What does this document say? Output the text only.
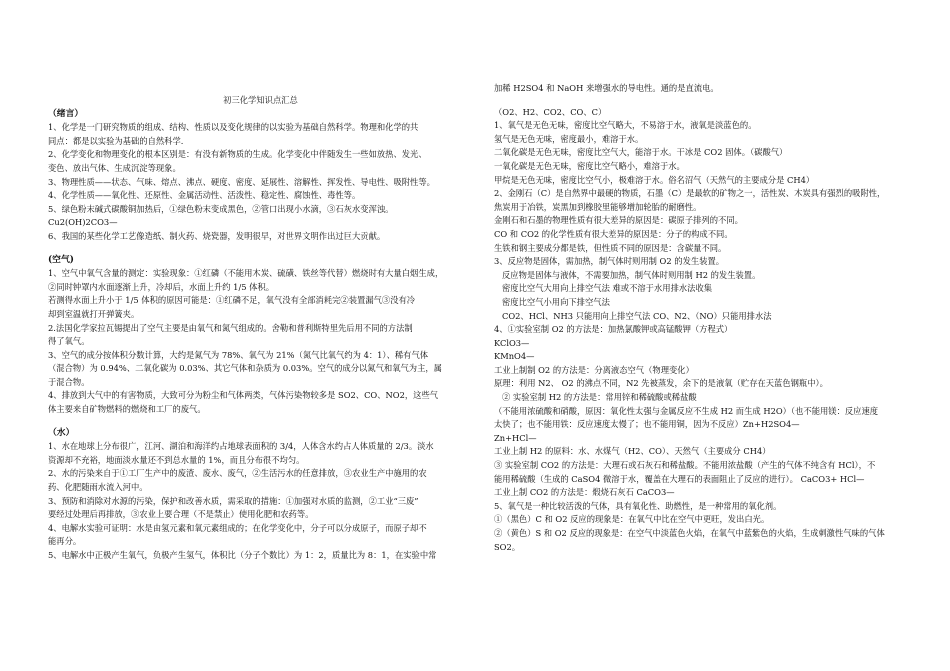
初三化学知识点汇总
（绪言）
1、化学是一门研究物质的组成、结构、性质以及变化规律的以实验为基础自然科学。物理和化学的共
同点：都是以实验为基础的自然科学.
2、化学变化和物理变化的根本区别是：有没有新物质的生成。化学变化中伴随发生一些如放热、发光、
变色、放出气体、生成沉淀等现象。
3、物理性质——状态、气味、熔点、沸点、硬度、密度、延展性、溶解性、挥发性、导电性、吸附性等。
4、化学性质——氧化性、还原性、金属活动性、活泼性、稳定性、腐蚀性、毒性等。
5、绿色粉末碱式碳酸铜加热后，①绿色粉末变成黑色，②管口出现小水滴，③石灰水变浑浊。
Cu2(OH)2CO3—
6、我国的某些化学工艺像造纸、制火药、烧瓷器，发明很早，对世界文明作出过巨大贡献。
(空气)
1、空气中氧气含量的测定：实验现象：①红磷（不能用木炭、硫磺、铁丝等代替）燃烧时有大量白烟生成，
②同时钟罩内水面逐渐上升，冷却后，水面上升约 1/5 体积。
若测得水面上升小于 1/5 体积的原因可能是：①红磷不足，氧气没有全部消耗完②装置漏气③没有冷
却到室温就打开弹簧夹。
2.法国化学家拉瓦锡提出了空气主要是由氧气和氮气组成的。舍勒和普利斯特里先后用不同的方法制
得了氧气。
3、空气的成分按体积分数计算，大约是氮气为 78%、氧气为 21%（氮气比氧气约为 4：1）、稀有气体
（混合物）为 0.94%、二氧化碳为 0.03%、其它气体和杂质为 0.03%。空气的成分以氮气和氧气为主，属
于混合物。
4、排放到大气中的有害物质，大致可分为粉尘和气体两类，气体污染物较多是 SO2、CO、NO2，这些气
体主要来自矿物燃料的燃烧和工厂的废气。
（水）
1、水在地球上分布很广，江河、湖泊和海洋约占地球表面积的 3/4，人体含水约占人体质量的 2/3。淡水
资源却不充裕，地面淡水量还不到总水量的 1%，而且分布很不均匀。
2、水的污染来自于①工厂生产中的废渣、废水、废气，②生活污水的任意排放，③农业生产中施用的农
药、化肥随雨水流入河中。
3、预防和消除对水源的污染，保护和改善水质，需采取的措施：①加强对水质的监测，②工业“三废”
要经过处理后再排放，③农业上要合理（不是禁止）使用化肥和农药等。
4、电解水实验可证明：水是由氢元素和氧元素组成的；在化学变化中，分子可以分成原子，而原子却不
能再分。
5、电解水中正极产生氧气，负极产生氢气，体积比（分子个数比）为 1：2，质量比为 8：1，在实验中常
加稀 H2SO4 和 NaOH 来增强水的导电性。通的是直流电。
（O2、H2、CO2、CO、C）
1、氧气是无色无味，密度比空气略大，不易溶于水，液氧是淡蓝色的。
氢气是无色无味，密度最小，难溶于水。
二氧化碳是无色无味，密度比空气大，能溶于水。干冰是 CO2 固体。（碳酸气）
一氧化碳是无色无味，密度比空气略小，难溶于水。
甲烷是无色无味，密度比空气小，极难溶于水。俗名沼气（天然气的主要成分是 CH4）
2、金刚石（C）是自然界中最硬的物质，石墨（C）是最软的矿物之一，活性炭、木炭具有强烈的吸附性，
焦炭用于冶铁，炭黑加到橡胶里能够增加轮胎的耐磨性。
金刚石和石墨的物理性质有很大差异的原因是：碳原子排列的不同。
CO 和 CO2 的化学性质有很大差异的原因是：分子的构成不同。
生铁和钢主要成分都是铁，但性质不同的原因是：含碳量不同。
3、反应物是固体，需加热，制气体时则用制 O2 的发生装置。
反应物是固体与液体，不需要加热，制气体时则用制 H2 的发生装置。
密度比空气大用向上排空气法 难或不溶于水用排水法收集
密度比空气小用向下排空气法
CO2、HCl、NH3 只能用向上排空气法 CO、N2、（NO）只能用排水法
4、①实验室制 O2 的方法是：加热氯酸钾或高锰酸钾（方程式）
KClO3—
KMnO4—
工业上制制 O2 的方法是：分离液态空气（物理变化）
原理：利用 N2、 O2 的沸点不同，N2 先被蒸发，余下的是液氧（贮存在天蓝色钢瓶中）。
② 实验室制 H2 的方法是：常用锌和稀硫酸或稀盐酸
（不能用浓硫酸和硝酸，原因：氧化性太强与金属反应不生成 H2 而生成 H2O）（也不能用镁：反应速度
太快了；也不能用铁：反应速度太慢了；也不能用铜，因为不反应）Zn+H2SO4—
Zn+HCl—
工业上制 H2 的原料：水、水煤气（H2、CO）、天然气（主要成分 CH4）
③ 实验室制 CO2 的方法是：大理石或石灰石和稀盐酸。不能用浓盐酸（产生的气体不纯含有 HCl），不
能用稀硫酸（生成的 CaSO4 微溶于水，覆盖在大理石的表面阻止了反应的进行）。 CaCO3+ HCl—
工业上制 CO2 的方法是：煅烧石灰石 CaCO3—
5、氧气是一种比较活泼的气体，具有氧化性、助燃性，是一种常用的氧化剂。
①（黑色）C 和 O2 反应的现象是：在氧气中比在空气中更旺，发出白光。
②（黄色）S 和 O2 反应的现象是：在空气中淡蓝色火焰，在氧气中蓝紫色的火焰，生成刺激性气味的气体
SO2。
